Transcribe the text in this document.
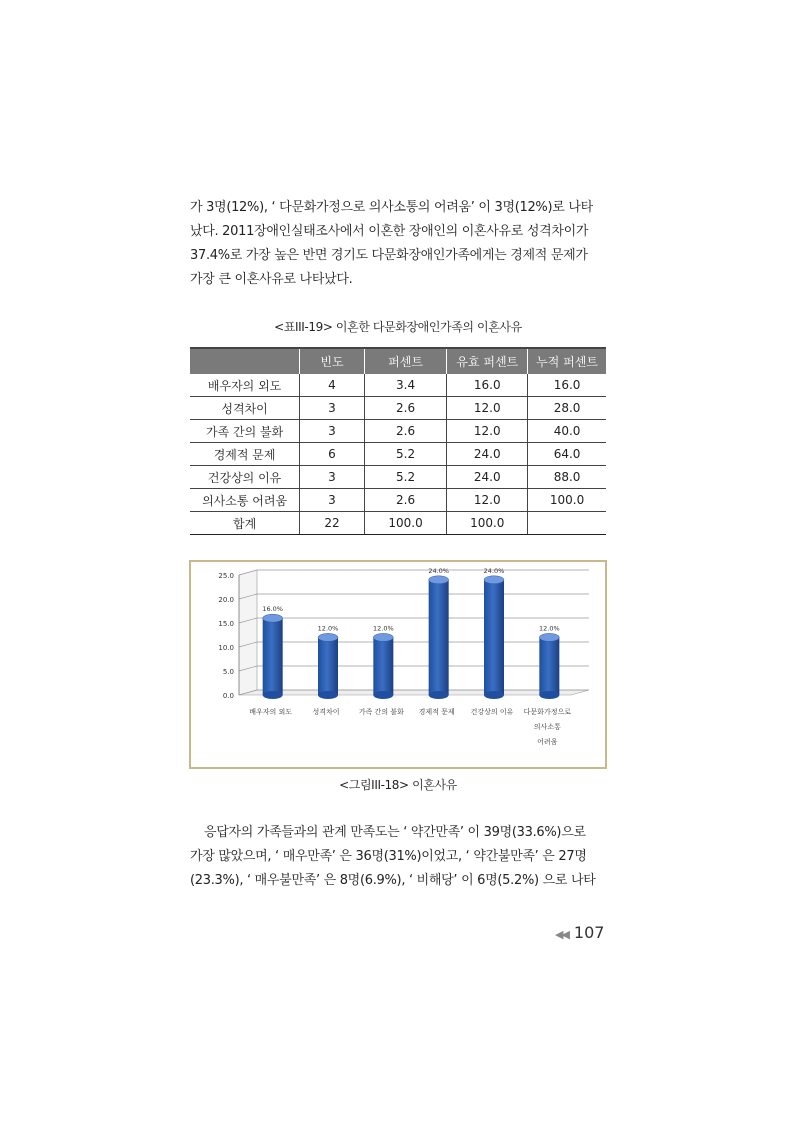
가 3명(12%), ‘ 다문화가정으로 의사소통의 어려움’ 이 3명(12%)로 나타
났다. 2011장애인실태조사에서 이혼한 장애인의 이혼사유로 성격차이가
37.4%로 가장 높은 반면 경기도 다문화장애인가족에게는 경제적 문제가
가장 큰 이혼사유로 나타났다.
<표III-19> 이혼한 다문화장애인가족의 이혼사유
	빈도	퍼센트	유효 퍼센트	누적 퍼센트
배우자의 외도	4	3.4	16.0	16.0
성격차이	3	2.6	12.0	28.0
가족 간의 불화	3	2.6	12.0	40.0
경제적 문제	6	5.2	24.0	64.0
건강상의 이유	3	5.2	24.0	88.0
의사소통 어려움	3	2.6	12.0	100.0
합계	22	100.0	100.0	
0.0
5.0
10.0
15.0
20.0
25.0
16.0%
배우자의 외도
12.0%
성격차이
12.0%
가족 간의 불화
24.0%
경제적 문제
24.0%
건강상의 이유
12.0%
다문화가정으로
의사소통
어려움
<그림III-18> 이혼사유
응답자의 가족들과의 관계 만족도는 ‘ 약간만족’ 이 39명(33.6%)으로
가장 많았으며, ‘ 매우만족’ 은 36명(31%)이었고, ‘ 약간불만족’ 은 27명
(23.3%), ‘ 매우불만족’ 은 8명(6.9%), ‘ 비해당’ 이 6명(5.2%) 으로 나타
◀◀ 107
